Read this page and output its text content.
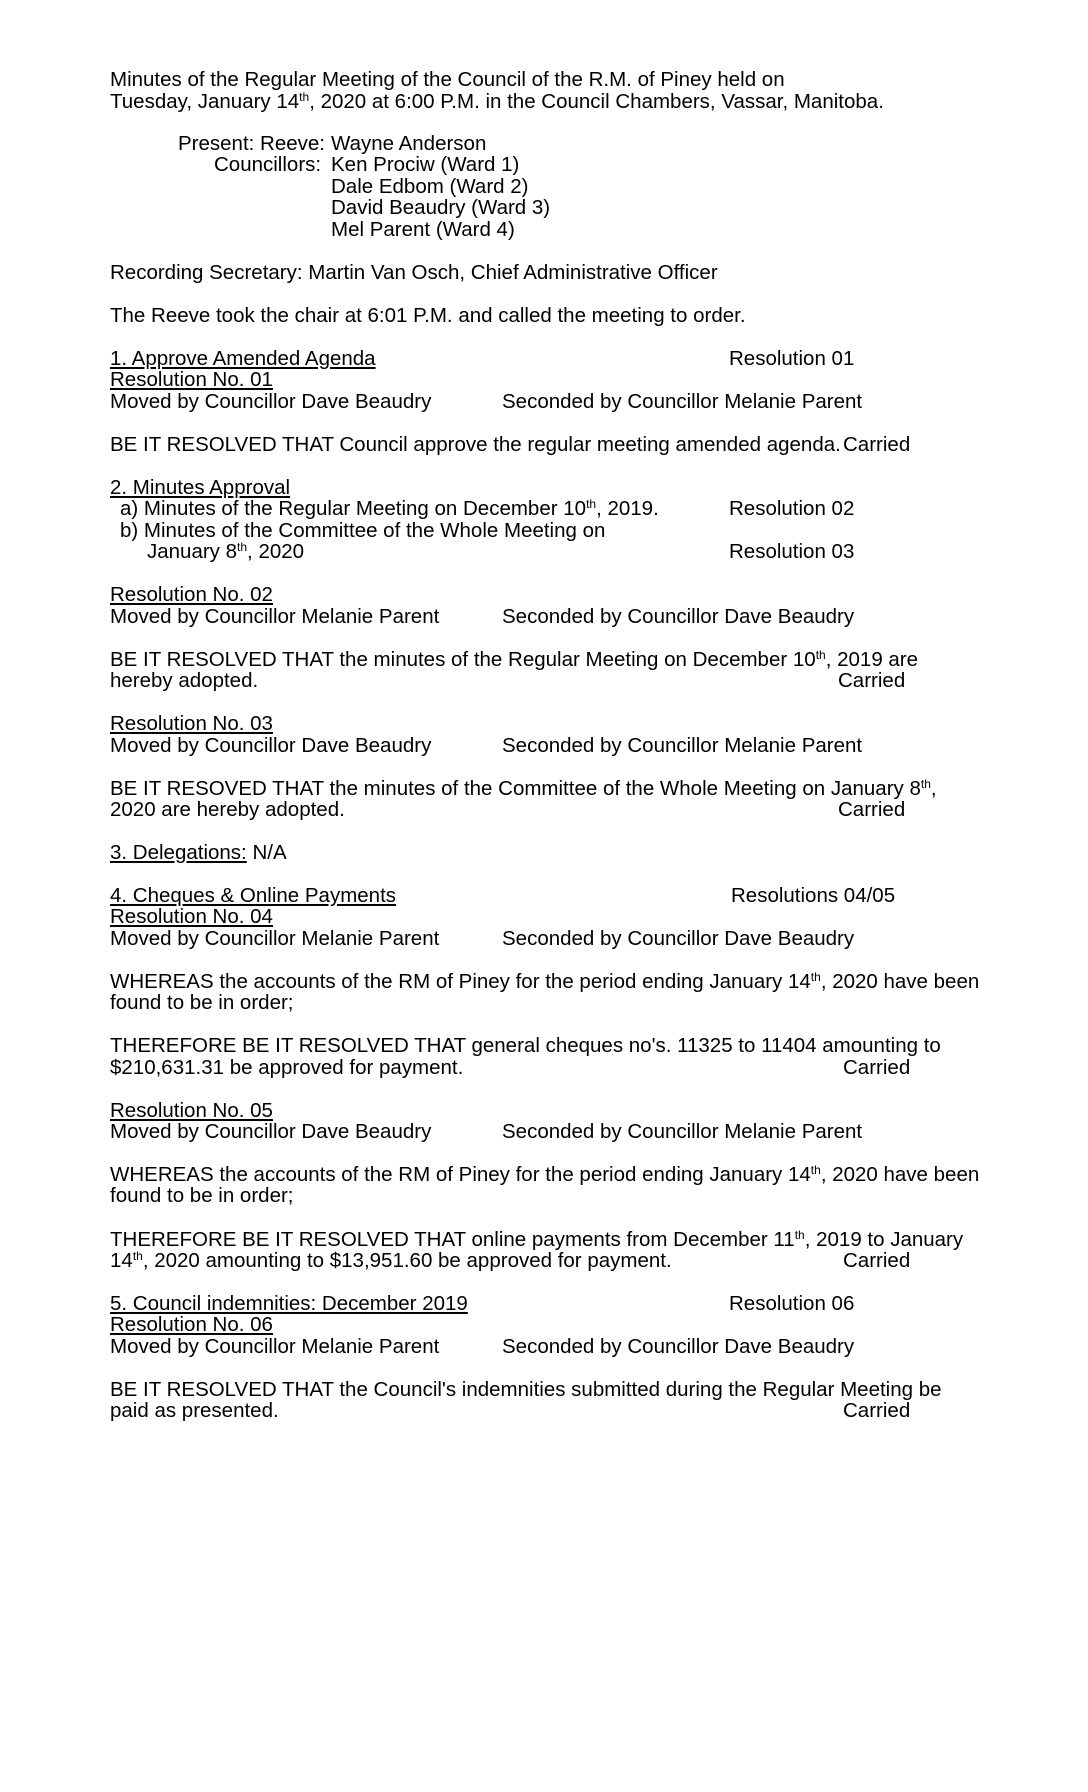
Minutes of the Regular Meeting of the Council of the R.M. of Piney held on
Tuesday, January 14th, 2020 at 6:00 P.M. in the Council Chambers, Vassar, Manitoba.
Present: Reeve: Wayne Anderson
Councillors: Ken Prociw (Ward 1)
Dale Edbom (Ward 2)
David Beaudry (Ward 3)
Mel Parent (Ward 4)
Recording Secretary: Martin Van Osch, Chief Administrative Officer
The Reeve took the chair at 6:01 P.M. and called the meeting to order.
1. Approve Amended Agenda	Resolution 01
Resolution No. 01
Moved by Councillor Dave Beaudry	Seconded by Councillor Melanie Parent
BE IT RESOLVED THAT Council approve the regular meeting amended agenda. Carried
2. Minutes Approval
a) Minutes of the Regular Meeting on December 10th, 2019.	Resolution 02
b) Minutes of the Committee of the Whole Meeting on
January 8th, 2020	Resolution 03
Resolution No. 02
Moved by Councillor Melanie Parent	Seconded by Councillor Dave Beaudry
BE IT RESOLVED THAT the minutes of the Regular Meeting on December 10th, 2019 are
hereby adopted.	Carried
Resolution No. 03
Moved by Councillor Dave Beaudry	Seconded by Councillor Melanie Parent
BE IT RESOVED THAT the minutes of the Committee of the Whole Meeting on January 8th,
2020 are hereby adopted.	Carried
3. Delegations: N/A
4. Cheques & Online Payments	Resolutions 04/05
Resolution No. 04
Moved by Councillor Melanie Parent	Seconded by Councillor Dave Beaudry
WHEREAS the accounts of the RM of Piney for the period ending January 14th, 2020 have been
found to be in order;
THEREFORE BE IT RESOLVED THAT general cheques no's. 11325 to 11404 amounting to
$210,631.31 be approved for payment.	Carried
Resolution No. 05
Moved by Councillor Dave Beaudry	Seconded by Councillor Melanie Parent
WHEREAS the accounts of the RM of Piney for the period ending January 14th, 2020 have been
found to be in order;
THEREFORE BE IT RESOLVED THAT online payments from December 11th, 2019 to January
14th, 2020 amounting to $13,951.60 be approved for payment.	Carried
5. Council indemnities: December 2019	Resolution 06
Resolution No. 06
Moved by Councillor Melanie Parent	Seconded by Councillor Dave Beaudry
BE IT RESOLVED THAT the Council's indemnities submitted during the Regular Meeting be
paid as presented.	Carried
